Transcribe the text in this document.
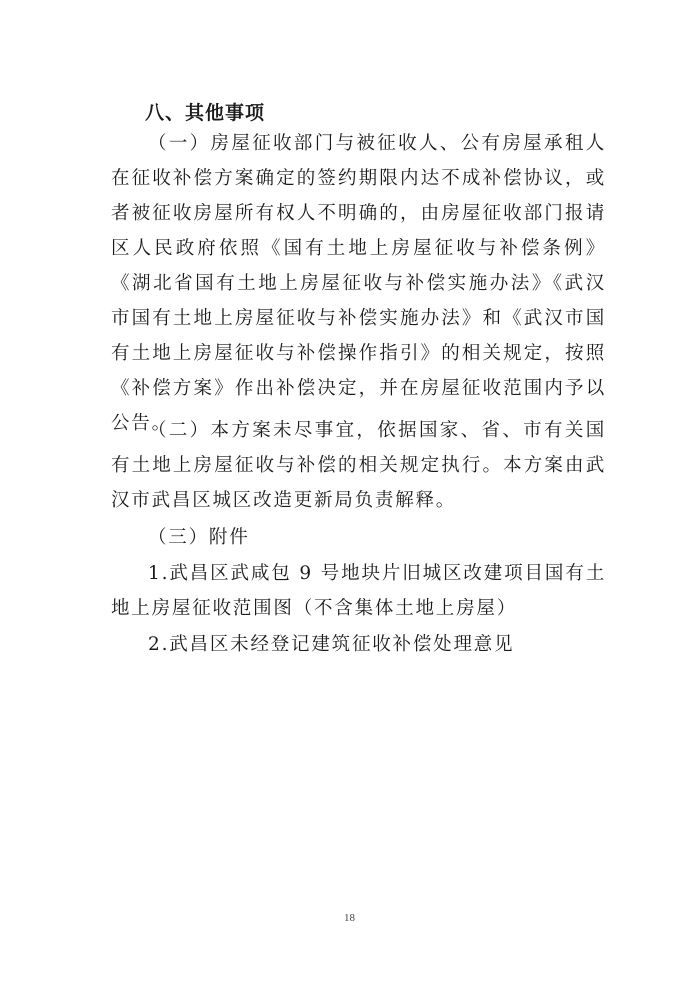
八、其他事项

（一）房屋征收部门与被征收人、公有房屋承租人在征收补偿方案确定的签约期限内达不成补偿协议，或者被征收房屋所有权人不明确的，由房屋征收部门报请区人民政府依照《国有土地上房屋征收与补偿条例》《湖北省国有土地上房屋征收与补偿实施办法》《武汉市国有土地上房屋征收与补偿实施办法》和《武汉市国有土地上房屋征收与补偿操作指引》的相关规定，按照《补偿方案》作出补偿决定，并在房屋征收范围内予以公告。

（二）本方案未尽事宜，依据国家、省、市有关国有土地上房屋征收与补偿的相关规定执行。本方案由武汉市武昌区城区改造更新局负责解释。

（三）附件

1.武昌区武咸包 9 号地块片旧城区改建项目国有土地上房屋征收范围图（不含集体土地上房屋）

2.武昌区未经登记建筑征收补偿处理意见

18
